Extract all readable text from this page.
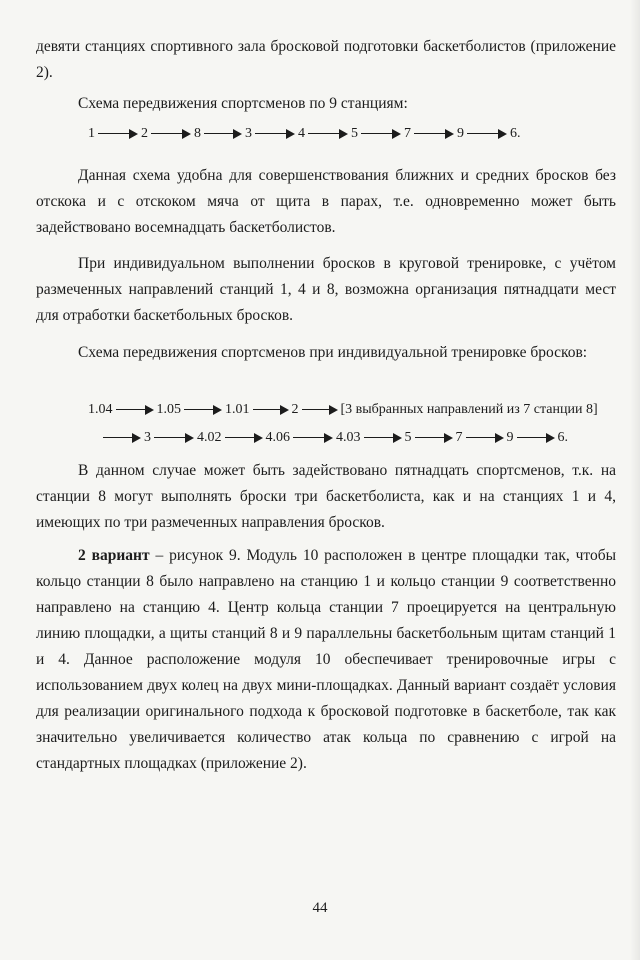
девяти станциях спортивного зала бросковой подготовки баскетболистов (приложение 2).

Схема передвижения спортсменов по 9 станциям:

1	2	8	3	4	5	7	9	6.

Данная схема удобна для совершенствования ближних и средних бросков без отскока и с отскоком мяча от щита в парах, т.е. одновременно может быть задействовано восемнадцать баскетболистов.

При индивидуальном выполнении бросков в круговой тренировке, с учётом размеченных направлений станций 1, 4 и 8, возможна организация пятнадцати мест для отработки баскетбольных бросков.

Схема передвижения спортсменов при индивидуальной тренировке бросков:

1.04	1.05	1.01	2	[3 выбранных направлений из 7 станции 8]
3	4.02	4.06	4.03	5	7	9	6.

В данном случае может быть задействовано пятнадцать спортсменов, т.к. на станции 8 могут выполнять броски три баскетболиста, как и на станциях 1 и 4, имеющих по три размеченных направления бросков.

2 вариант – рисунок 9. Модуль 10 расположен в центре площадки так, чтобы кольцо станции 8 было направлено на станцию 1 и кольцо станции 9 соответственно направлено на станцию 4. Центр кольца станции 7 проецируется на центральную линию площадки, а щиты станций 8 и 9 параллельны баскетбольным щитам станций 1 и 4. Данное расположение модуля 10 обеспечивает тренировочные игры с использованием двух колец на двух мини-площадках. Данный вариант создаёт условия для реализации оригинального подхода к бросковой подготовке в баскетболе, так как значительно увеличивается количество атак кольца по сравнению с игрой на стандартных площадках (приложение 2).

44
